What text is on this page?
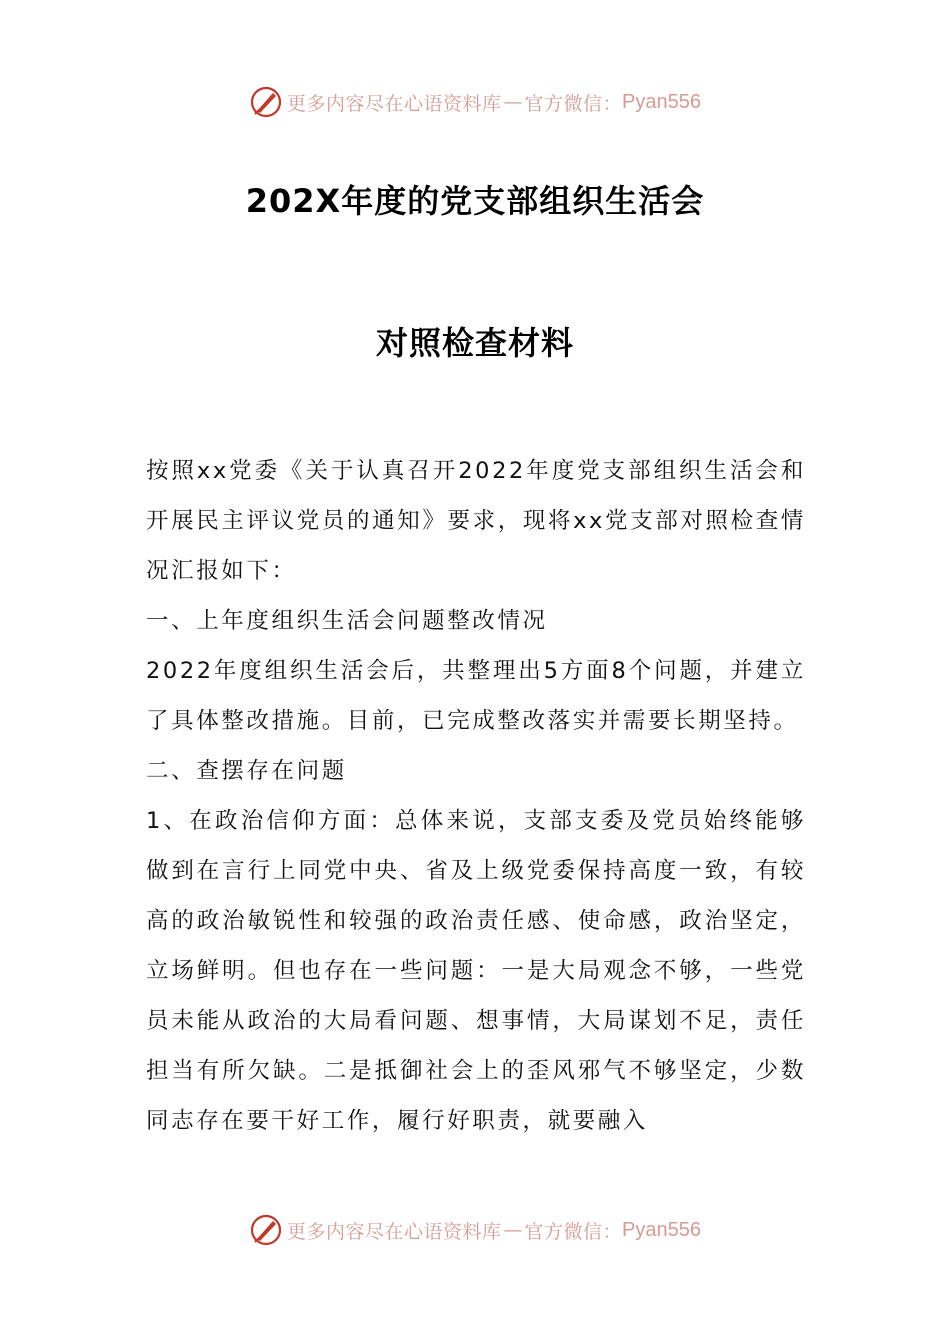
更多内容尽在心语资料库 — 官方微信： Pyan556
202X年度的党支部组织生活会
对照检查材料

按照xx党委《关于认真召开2022年度党支部组织生活会和开展民主评议党员的通知》要求，现将xx党支部对照检查情况汇报如下：

一、上年度组织生活会问题整改情况

2022年度组织生活会后，共整理出5方面8个问题，并建立了具体整改措施。目前，已完成整改落实并需要长期坚持。

二、查摆存在问题

1、在政治信仰方面：总体来说，支部支委及党员始终能够做到在言行上同党中央、省及上级党委保持高度一致，有较高的政治敏锐性和较强的政治责任感、使命感，政治坚定，立场鲜明。但也存在一些问题：一是大局观念不够，一些党员未能从政治的大局看问题、想事情，大局谋划不足，责任担当有所欠缺。二是抵御社会上的歪风邪气不够坚定，少数同志存在要干好工作，履行好职责，就要融入

更多内容尽在心语资料库 — 官方微信： Pyan556
